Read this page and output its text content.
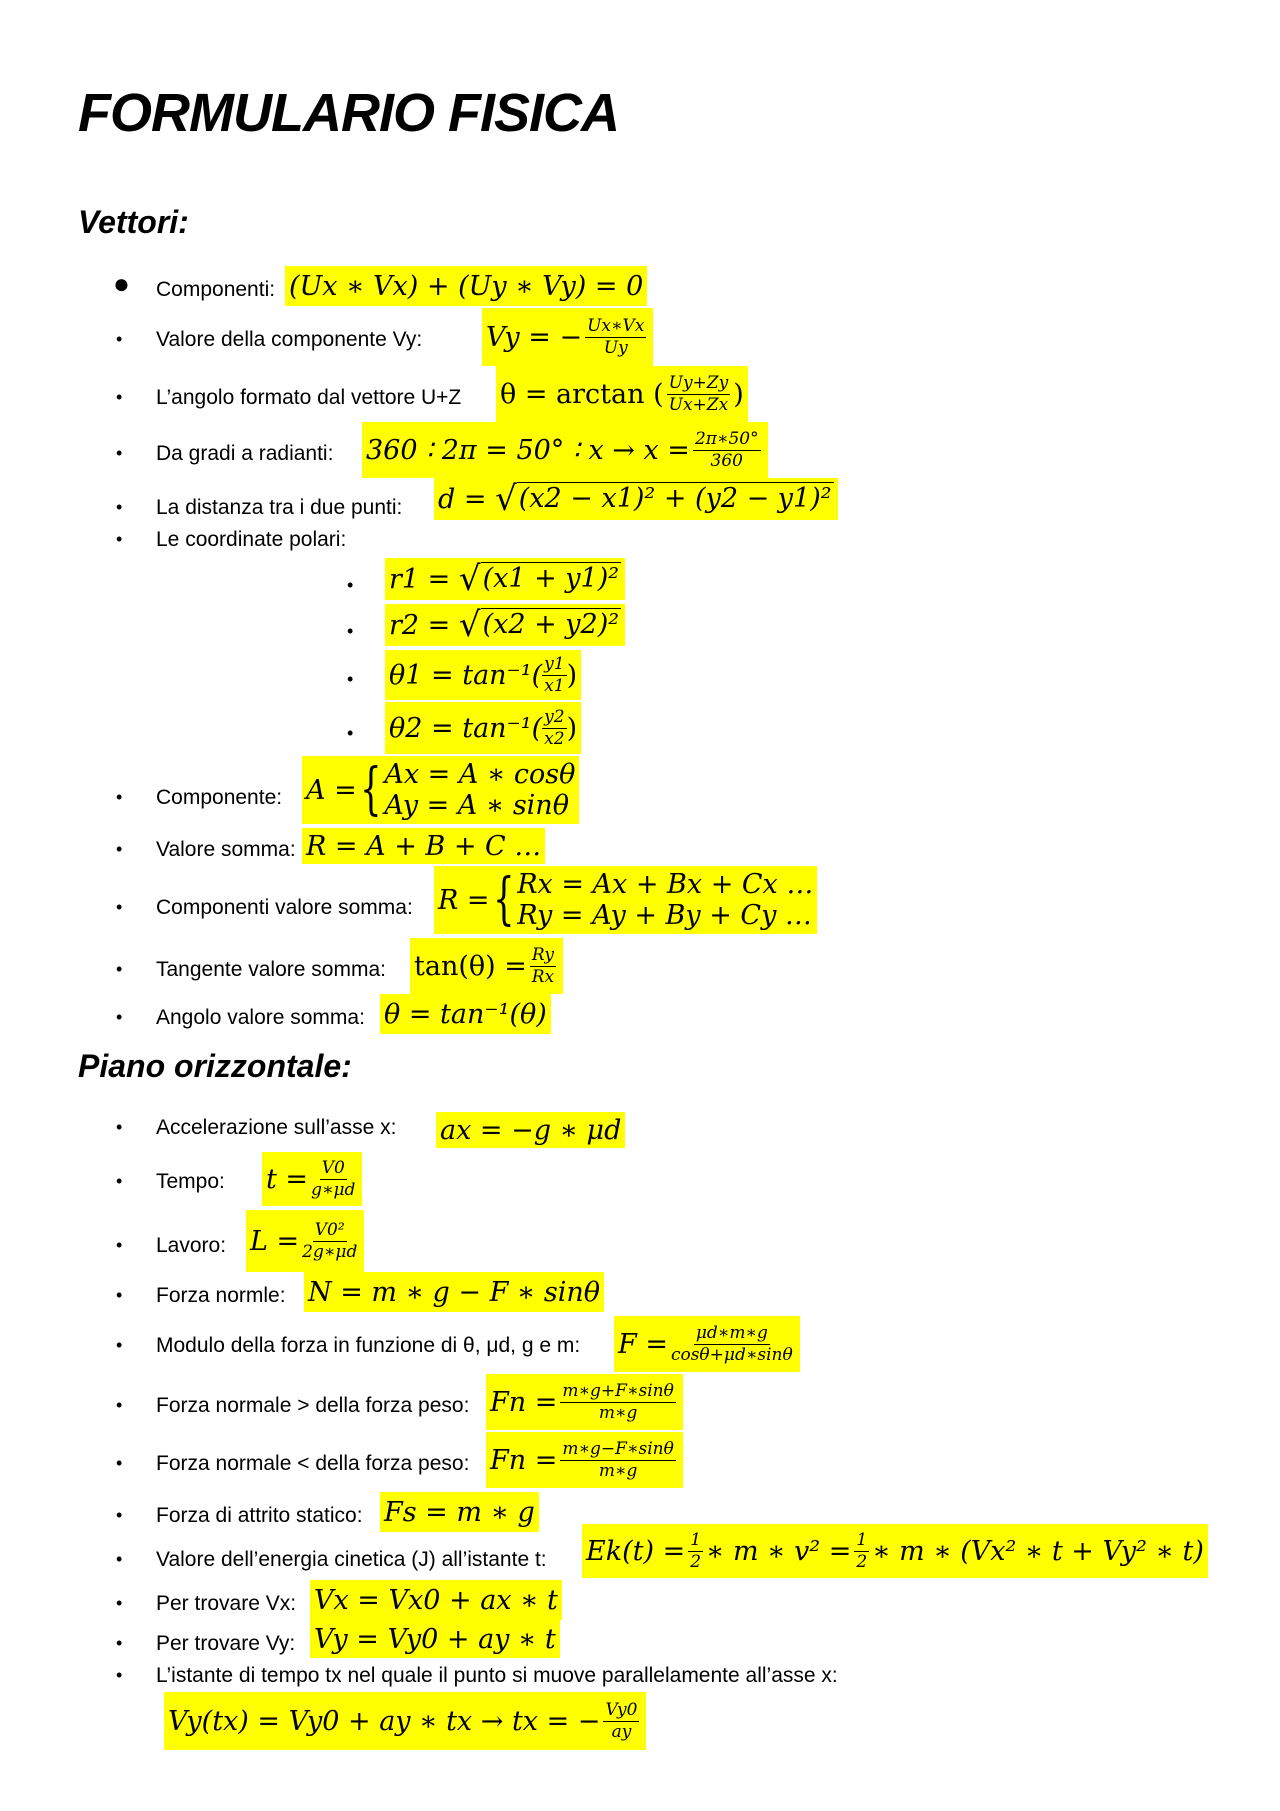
FORMULARIO FISICA
Vettori:
● Componenti: (Ux ∗ Vx) + (Uy ∗ Vy) = 0
• Valore della componente Vy: Vy = − $\frac{Ux∗Vx}{Uy}$
• L’angolo formato dal vettore U+Z θ = arctan ( $\frac{Uy+Zy}{Ux+Zx}$ )
• Da gradi a radianti: 360 ∶ 2π = 50° ∶ $x \to x = \frac{2\pi∗50^\circ}{360}$
• La distanza tra i due punti: d =
√ (x2 − x1)² + (y2 − y1)²
• Le coordinate polari:
• r1 =
√ (x1 + y1)²
• r2 =
√ (x2 + y2)²
• $\theta 1 = \tan^{-1}( \frac{y1}{x1}$ )
• $\theta 2 = \tan^{-1}( \frac{y2}{x2}$ )
• Componente: A = { Ax = A ∗ cosθ
Ay = A ∗ sinθ
• Valore somma: R = A + B + C …
• Componenti valore somma: R = { Rx = Ax + Bx + Cx …
Ry = Ay + By + Cy …
• Tangente valore somma: $\tan(\theta) = \frac{Ry}{Rx}$
• Angolo valore somma: θ = tan⁻¹(θ)
Piano orizzontale:
• Accelerazione sull’asse x: ax = −g ∗ μd
• Tempo: $t = \frac{V0}{g∗\mu d}$
• Lavoro: $L = \frac{\text{V0²}}{2g∗\mu d}$
• Forza normle: N = m ∗ g − F ∗ sinθ
• Modulo della forza in funzione di θ, μd, g e m: $F = \frac{\mu d∗m∗g}{\cos\theta+\mu d∗\sin\theta}$
• Forza normale > della forza peso: $Fn = \frac{m∗g+F∗\sin\theta}{m∗g}$
• Forza normale < della forza peso: $Fn = \frac{m∗g-F∗\sin\theta}{m∗g}$
• Forza di attrito statico: Fs = m ∗ g
• Valore dell’energia cinetica (J) all’istante t: $Ek(t) = \frac{1}{2}$ ∗ m ∗ $v^2 = \frac{1}{2}$ ∗ m ∗ (Vx² ∗ t + Vy² ∗ t)
• Per trovare Vx: Vx = Vx0 + ax ∗ t
• Per trovare Vy: Vy = Vy0 + ay ∗ t
• L’istante di tempo tx nel quale il punto si muove parallelamente all’asse x:
Vy(tx) = Vy0 + ay ∗ tx → tx = − $\frac{Vy0}{ay}$
